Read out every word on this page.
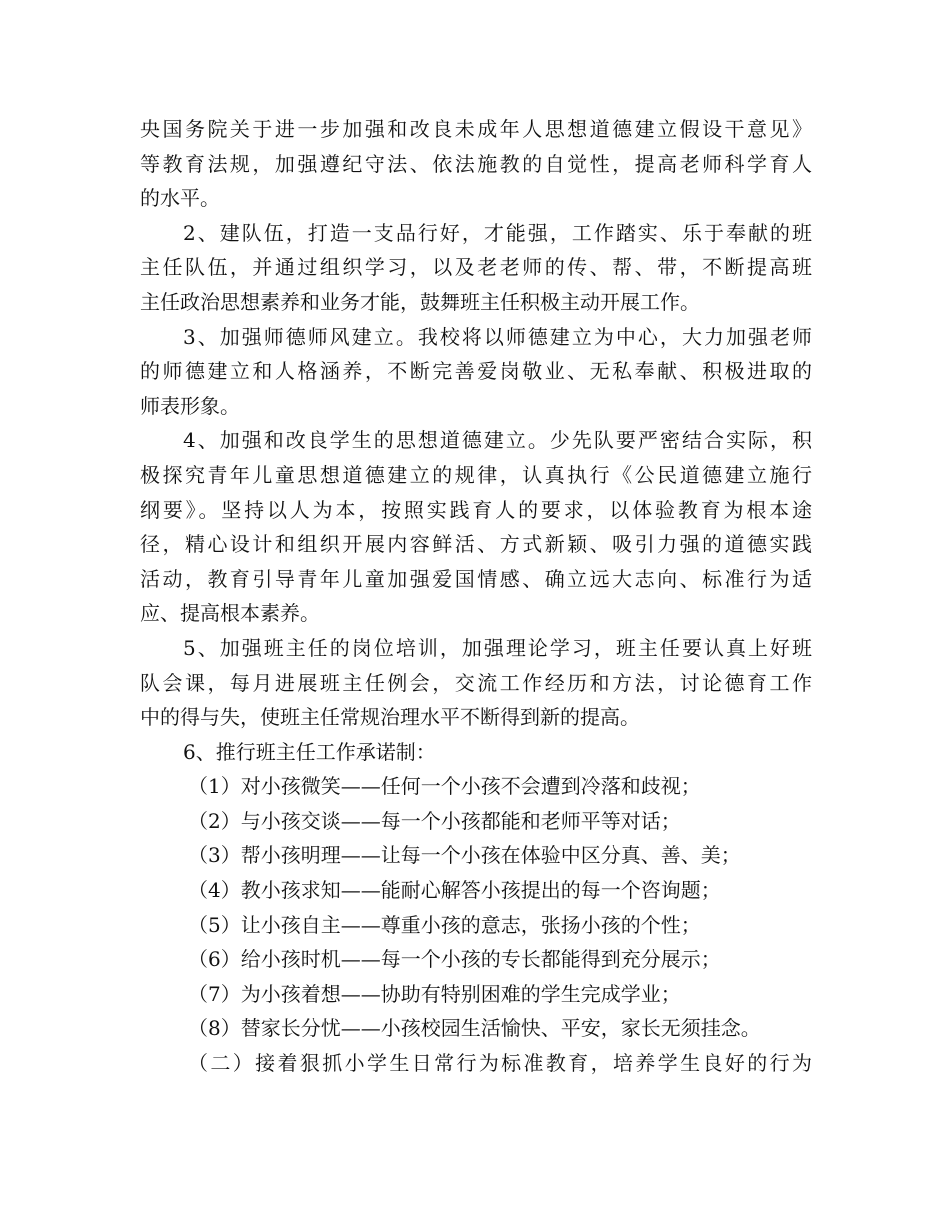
央国务院关于进一步加强和改良未成年人思想道德建立假设干意见》
等教育法规，加强遵纪守法、依法施教的自觉性，提高老师科学育人
的水平。
2、建队伍，打造一支品行好，才能强，工作踏实、乐于奉献的班
主任队伍，并通过组织学习，以及老老师的传、帮、带，不断提高班
主任政治思想素养和业务才能，鼓舞班主任积极主动开展工作。
3、加强师德师风建立。我校将以师德建立为中心，大力加强老师
的师德建立和人格涵养，不断完善爱岗敬业、无私奉献、积极进取的
师表形象。
4、加强和改良学生的思想道德建立。少先队要严密结合实际，积
极探究青年儿童思想道德建立的规律，认真执行《公民道德建立施行
纲要》。坚持以人为本，按照实践育人的要求，以体验教育为根本途
径，精心设计和组织开展内容鲜活、方式新颖、吸引力强的道德实践
活动，教育引导青年儿童加强爱国情感、确立远大志向、标准行为适
应、提高根本素养。
5、加强班主任的岗位培训，加强理论学习，班主任要认真上好班
队会课，每月进展班主任例会，交流工作经历和方法，讨论德育工作
中的得与失，使班主任常规治理水平不断得到新的提高。
6、推行班主任工作承诺制：
（1）对小孩微笑——任何一个小孩不会遭到冷落和歧视；
（2）与小孩交谈——每一个小孩都能和老师平等对话；
（3）帮小孩明理——让每一个小孩在体验中区分真、善、美；
（4）教小孩求知——能耐心解答小孩提出的每一个咨询题；
（5）让小孩自主——尊重小孩的意志，张扬小孩的个性；
（6）给小孩时机——每一个小孩的专长都能得到充分展示；
（7）为小孩着想——协助有特别困难的学生完成学业；
（8）替家长分忧——小孩校园生活愉快、平安，家长无须挂念。
（二）接着狠抓小学生日常行为标准教育，培养学生良好的行为
